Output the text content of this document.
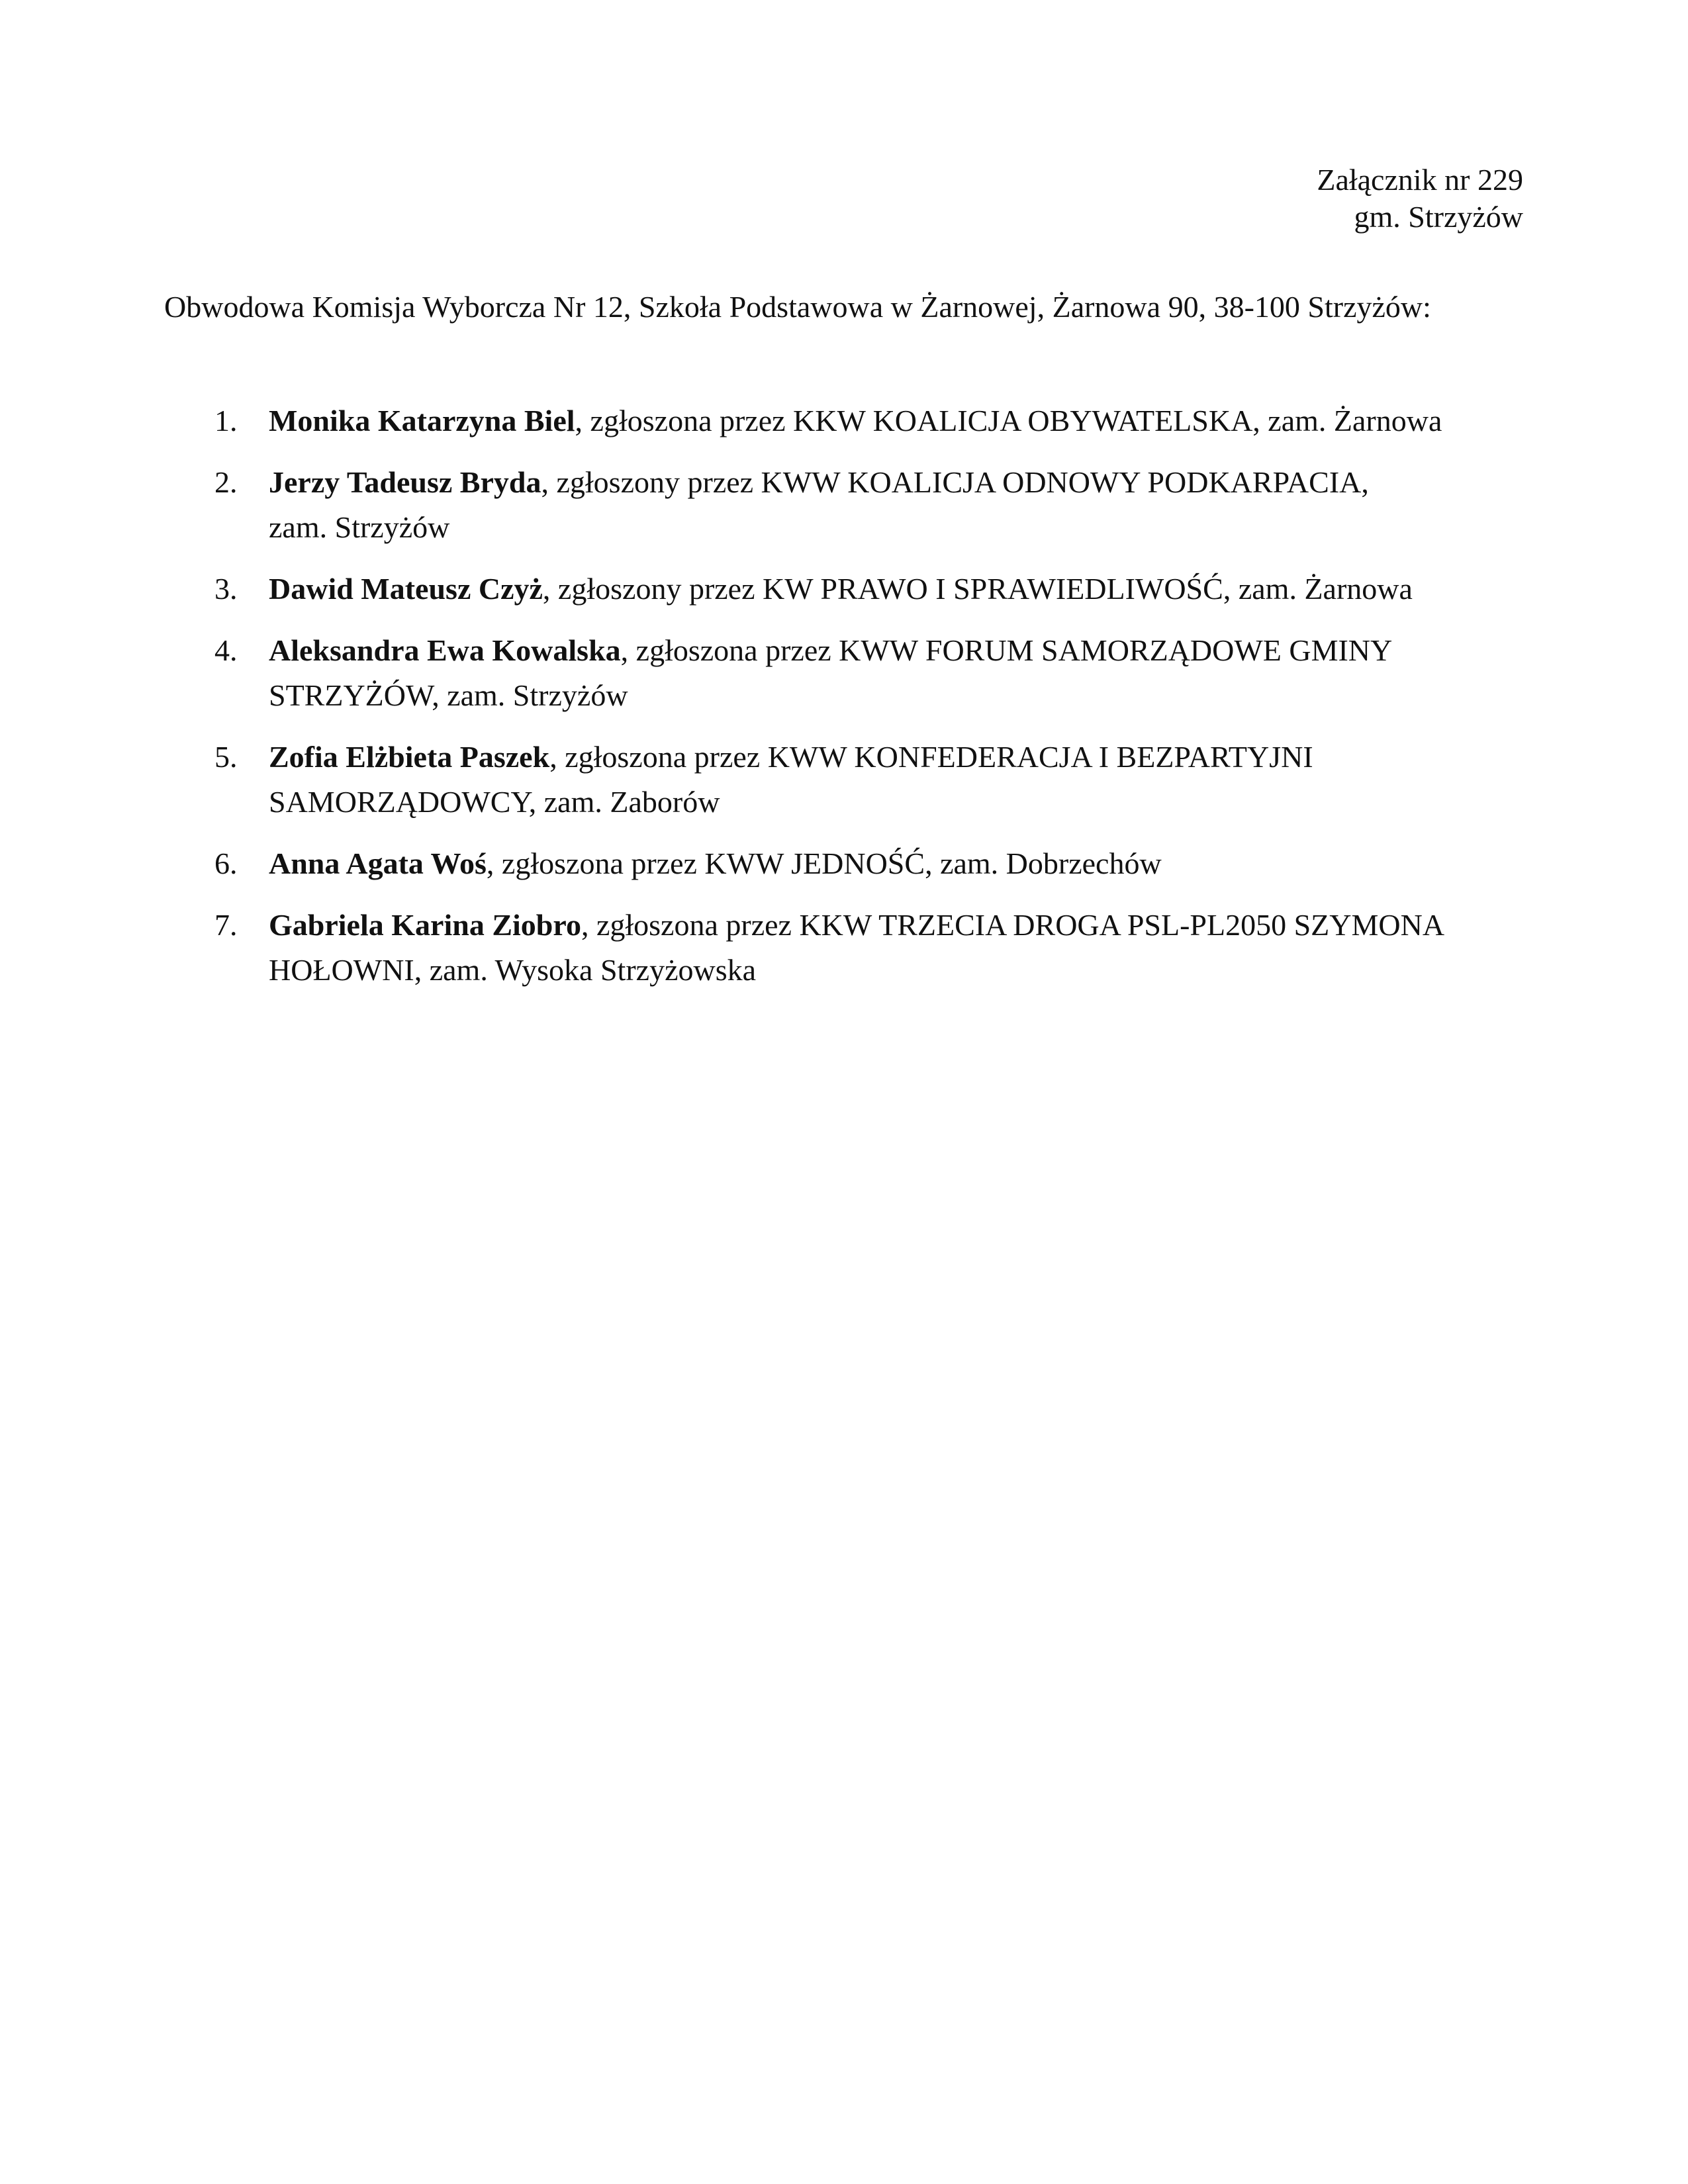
Załącznik nr 229
gm. Strzyżów
Obwodowa Komisja Wyborcza Nr 12, Szkoła Podstawowa w Żarnowej, Żarnowa 90, 38-100 Strzyżów:
1. Monika Katarzyna Biel, zgłoszona przez KKW KOALICJA OBYWATELSKA, zam. Żarnowa
2. Jerzy Tadeusz Bryda, zgłoszony przez KWW KOALICJA ODNOWY PODKARPACIA,
zam. Strzyżów
3. Dawid Mateusz Czyż, zgłoszony przez KW PRAWO I SPRAWIEDLIWOŚĆ, zam. Żarnowa
4. Aleksandra Ewa Kowalska, zgłoszona przez KWW FORUM SAMORZĄDOWE GMINY
STRZYŻÓW, zam. Strzyżów
5. Zofia Elżbieta Paszek, zgłoszona przez KWW KONFEDERACJA I BEZPARTYJNI
SAMORZĄDOWCY, zam. Zaborów
6. Anna Agata Woś, zgłoszona przez KWW JEDNOŚĆ, zam. Dobrzechów
7. Gabriela Karina Ziobro, zgłoszona przez KKW TRZECIA DROGA PSL-PL2050 SZYMONA
HOŁOWNI, zam. Wysoka Strzyżowska
